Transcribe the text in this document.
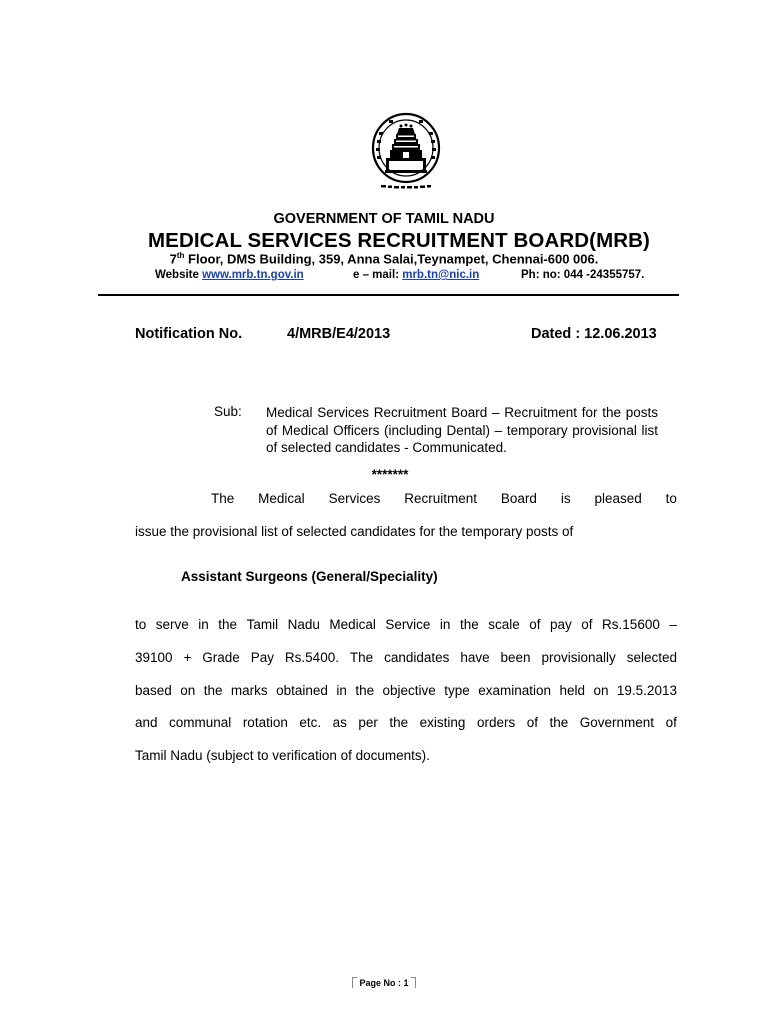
GOVERNMENT OF TAMIL NADU
MEDICAL SERVICES RECRUITMENT BOARD(MRB)
7th Floor, DMS Building, 359, Anna Salai,Teynampet, Chennai-600 006.
Website www.mrb.tn.gov.in	e – mail: mrb.tn@nic.in	Ph: no: 044 -24355757.
Notification No.	4/MRB/E4/2013	Dated : 12.06.2013
Sub: Medical Services Recruitment Board – Recruitment for the posts of Medical Officers (including Dental) – temporary provisional list of selected candidates - Communicated.
*******
The Medical Services Recruitment Board is pleased to
issue the provisional list of selected candidates for the temporary posts of
Assistant Surgeons (General/Speciality)
to serve in the Tamil Nadu Medical Service in the scale of pay of Rs.15600 –
39100 + Grade Pay Rs.5400. The candidates have been provisionally selected
based on the marks obtained in the objective type examination held on 19.5.2013
and communal rotation etc. as per the existing orders of the Government of
Tamil Nadu (subject to verification of documents).
Page No : 1
